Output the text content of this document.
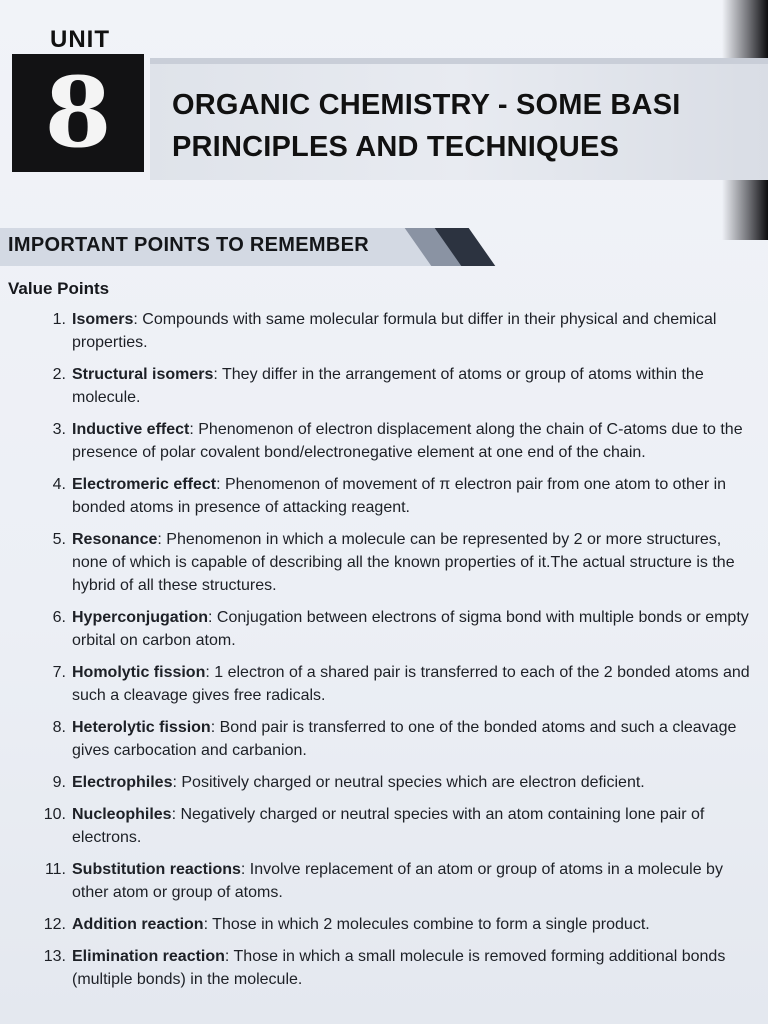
UNIT
8 ORGANIC CHEMISTRY - SOME BASI
PRINCIPLES AND TECHNIQUES
IMPORTANT POINTS TO REMEMBER
Value Points
1. Isomers: Compounds with same molecular formula but differ in their physical and chemical properties.
2. Structural isomers: They differ in the arrangement of atoms or group of atoms within the molecule.
3. Inductive effect: Phenomenon of electron displacement along the chain of C-atoms due to the presence of polar covalent bond/electronegative element at one end of the chain.
4. Electromeric effect: Phenomenon of movement of π electron pair from one atom to other in bonded atoms in presence of attacking reagent.
5. Resonance: Phenomenon in which a molecule can be represented by 2 or more structures, none of which is capable of describing all the known properties of it.The actual structure is the hybrid of all these structures.
6. Hyperconjugation: Conjugation between electrons of sigma bond with multiple bonds or empty orbital on carbon atom.
7. Homolytic fission: 1 electron of a shared pair is transferred to each of the 2 bonded atoms and such a cleavage gives free radicals.
8. Heterolytic fission: Bond pair is transferred to one of the bonded atoms and such a cleavage gives carbocation and carbanion.
9. Electrophiles: Positively charged or neutral species which are electron deficient.
10. Nucleophiles: Negatively charged or neutral species with an atom containing lone pair of electrons.
11. Substitution reactions: Involve replacement of an atom or group of atoms in a molecule by other atom or group of atoms.
12. Addition reaction: Those in which 2 molecules combine to form a single product.
13. Elimination reaction: Those in which a small molecule is removed forming additional bonds (multiple bonds) in the molecule.
